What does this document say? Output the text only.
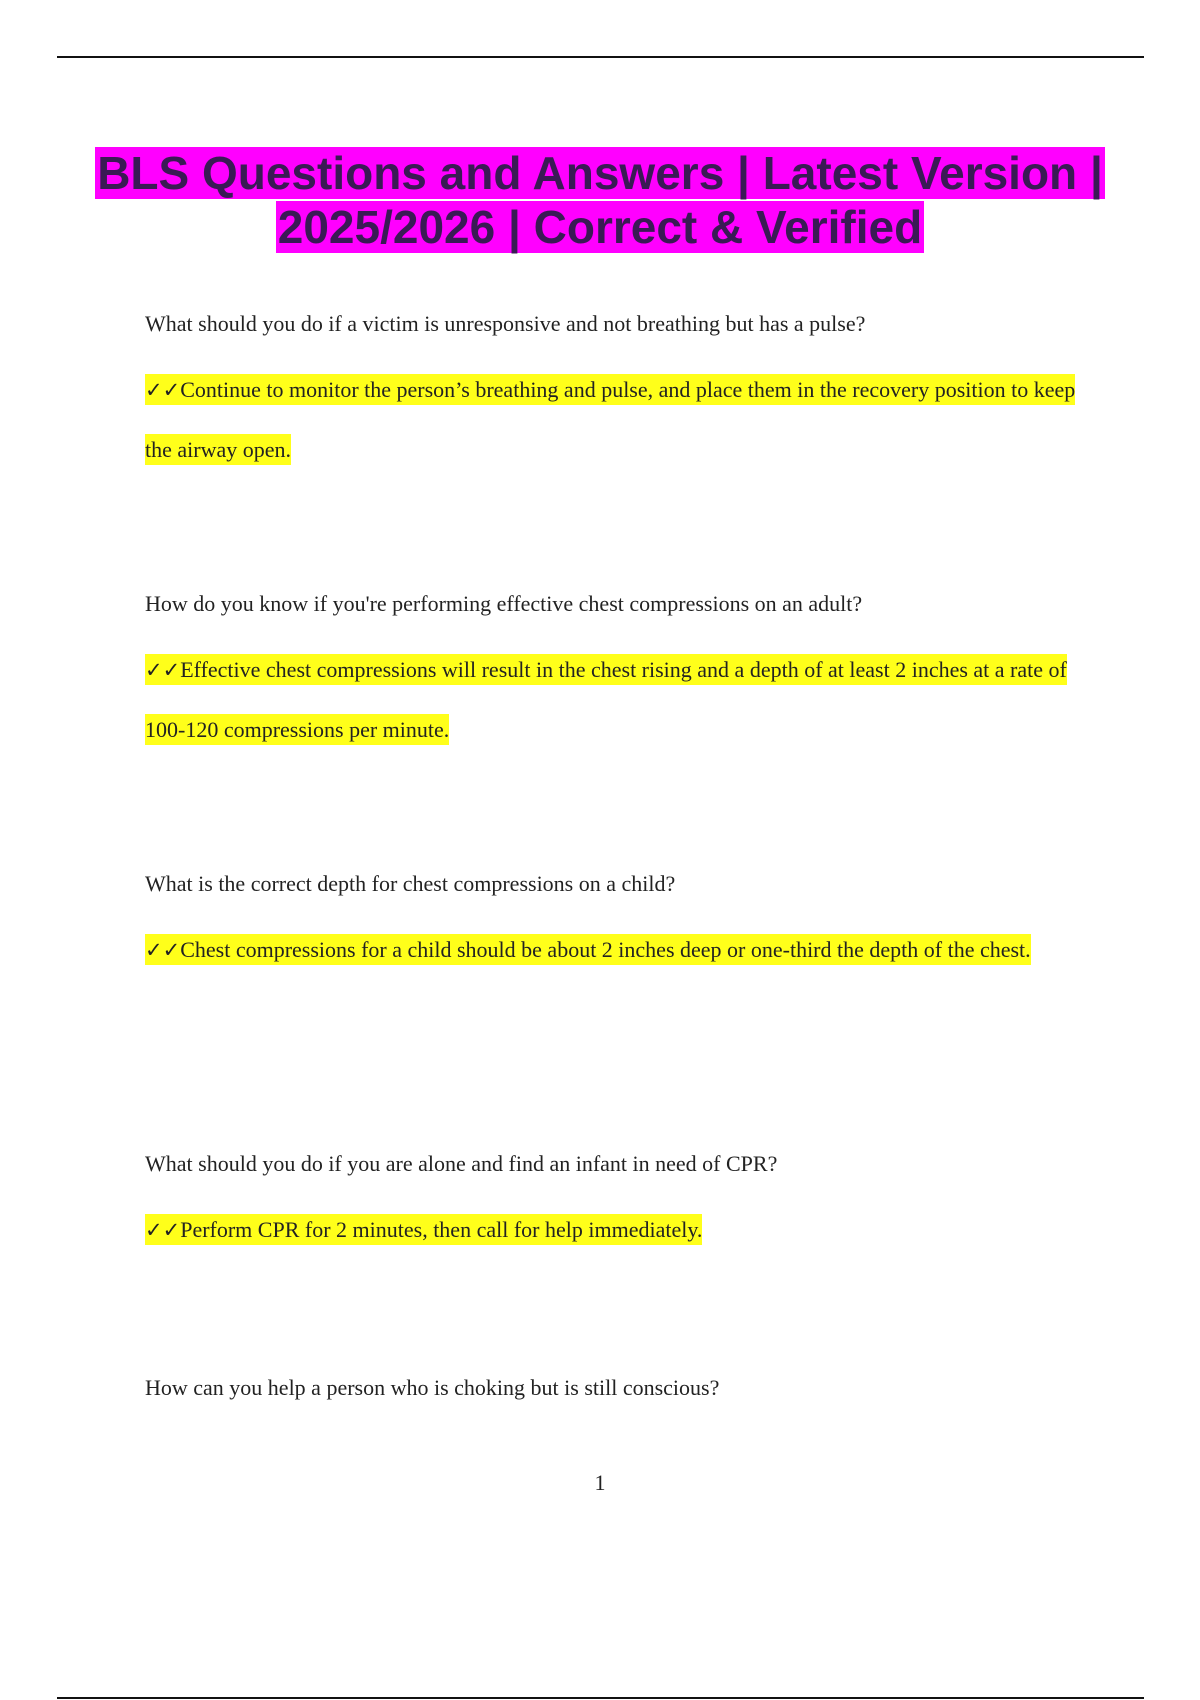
BLS Questions and Answers | Latest Version | 2025/2026 | Correct & Verified

What should you do if a victim is unresponsive and not breathing but has a pulse?

✓✓Continue to monitor the person’s breathing and pulse, and place them in the recovery position to keep the airway open.

How do you know if you're performing effective chest compressions on an adult?

✓✓Effective chest compressions will result in the chest rising and a depth of at least 2 inches at a rate of 100-120 compressions per minute.

What is the correct depth for chest compressions on a child?

✓✓Chest compressions for a child should be about 2 inches deep or one-third the depth of the chest.

What should you do if you are alone and find an infant in need of CPR?

✓✓Perform CPR for 2 minutes, then call for help immediately.

How can you help a person who is choking but is still conscious?

1
